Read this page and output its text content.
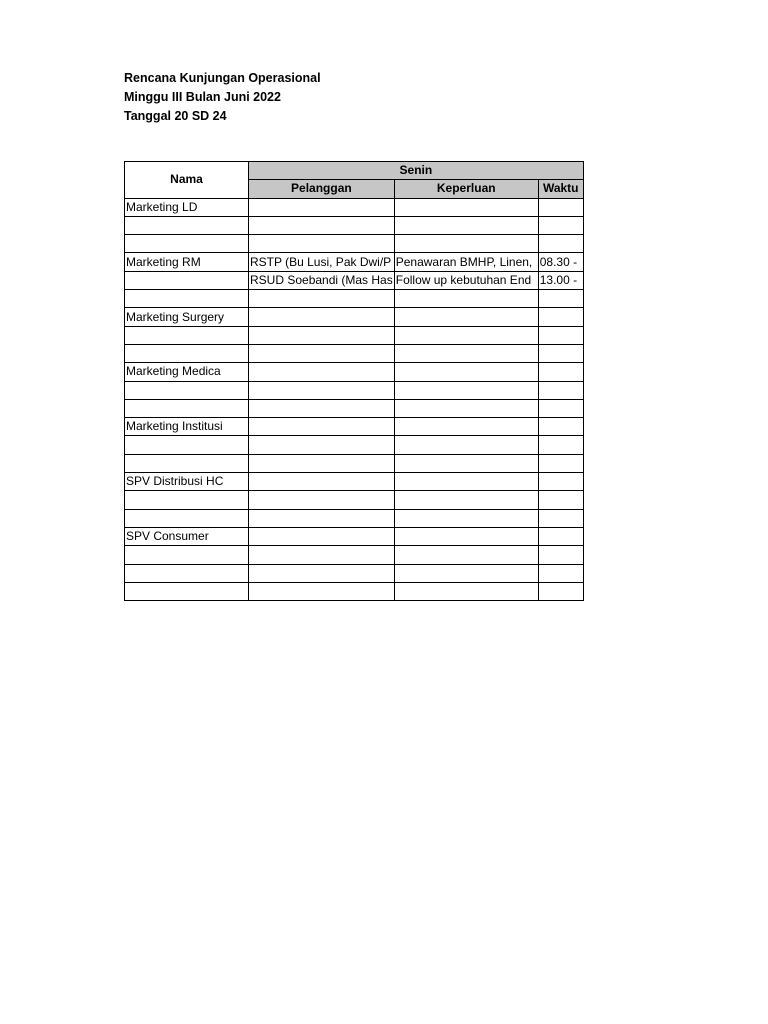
Rencana Kunjungan Operasional
Minggu III Bulan Juni 2022
Tanggal 20 SD 24
Nama	Senin		
	Pelanggan	Keperluan	Waktu
Marketing LD			

Marketing RM	RSTP (Bu Lusi, Pak Dwi/P	Penawaran BMHP, Linen,	08.30 -
	RSUD Soebandi (Mas Has	Follow up kebutuhan End	13.00 -

Marketing Surgery			

Marketing Medica			

Marketing Institusi			

SPV Distribusi HC			

SPV Consumer			
